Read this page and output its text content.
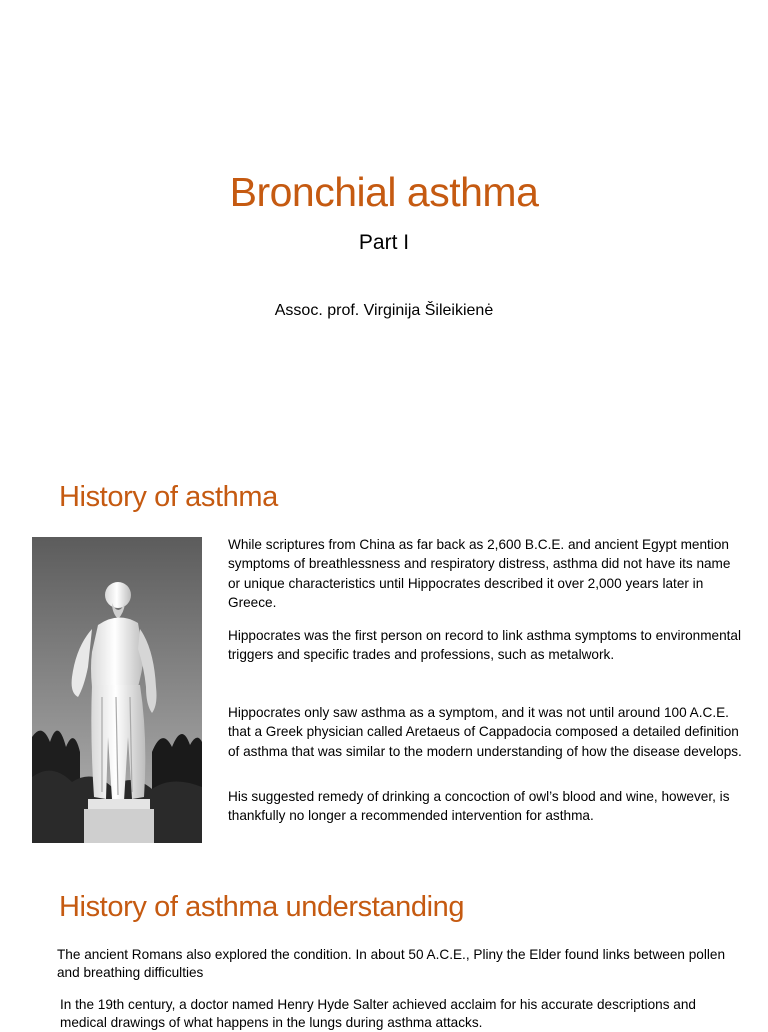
Bronchial asthma
Part I
Assoc. prof. Virginija Šileikienė
History of asthma
While scriptures from China as far back as 2,600 B.C.E. and ancient Egypt mention symptoms of breathlessness and respiratory distress, asthma did not have its name or unique characteristics until Hippocrates described it over 2,000 years later in Greece.
Hippocrates was the first person on record to link asthma symptoms to environmental triggers and specific trades and professions, such as metalwork.
Hippocrates only saw asthma as a symptom, and it was not until around 100 A.C.E. that a Greek physician called Aretaeus of Cappadocia composed a detailed definition of asthma that was similar to the modern understanding of how the disease develops.
His suggested remedy of drinking a concoction of owl’s blood and wine, however, is thankfully no longer a recommended intervention for asthma.
History of asthma understanding
The ancient Romans also explored the condition. In about 50 A.C.E., Pliny the Elder found links between pollen and breathing difficulties
In the 19th century, a doctor named Henry Hyde Salter achieved acclaim for his accurate descriptions and medical drawings of what happens in the lungs during asthma attacks.
